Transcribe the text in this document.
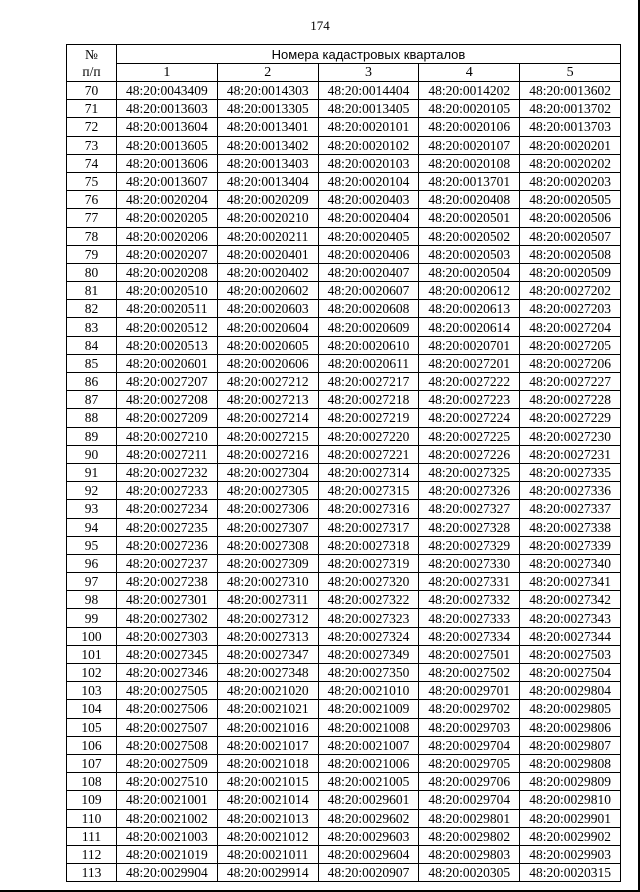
174
№
п/п	Номера кадастровых кварталов				
	1	2	3	4	5
70	48:20:0043409	48:20:0014303	48:20:0014404	48:20:0014202	48:20:0013602
71	48:20:0013603	48:20:0013305	48:20:0013405	48:20:0020105	48:20:0013702
72	48:20:0013604	48:20:0013401	48:20:0020101	48:20:0020106	48:20:0013703
73	48:20:0013605	48:20:0013402	48:20:0020102	48:20:0020107	48:20:0020201
74	48:20:0013606	48:20:0013403	48:20:0020103	48:20:0020108	48:20:0020202
75	48:20:0013607	48:20:0013404	48:20:0020104	48:20:0013701	48:20:0020203
76	48:20:0020204	48:20:0020209	48:20:0020403	48:20:0020408	48:20:0020505
77	48:20:0020205	48:20:0020210	48:20:0020404	48:20:0020501	48:20:0020506
78	48:20:0020206	48:20:0020211	48:20:0020405	48:20:0020502	48:20:0020507
79	48:20:0020207	48:20:0020401	48:20:0020406	48:20:0020503	48:20:0020508
80	48:20:0020208	48:20:0020402	48:20:0020407	48:20:0020504	48:20:0020509
81	48:20:0020510	48:20:0020602	48:20:0020607	48:20:0020612	48:20:0027202
82	48:20:0020511	48:20:0020603	48:20:0020608	48:20:0020613	48:20:0027203
83	48:20:0020512	48:20:0020604	48:20:0020609	48:20:0020614	48:20:0027204
84	48:20:0020513	48:20:0020605	48:20:0020610	48:20:0020701	48:20:0027205
85	48:20:0020601	48:20:0020606	48:20:0020611	48:20:0027201	48:20:0027206
86	48:20:0027207	48:20:0027212	48:20:0027217	48:20:0027222	48:20:0027227
87	48:20:0027208	48:20:0027213	48:20:0027218	48:20:0027223	48:20:0027228
88	48:20:0027209	48:20:0027214	48:20:0027219	48:20:0027224	48:20:0027229
89	48:20:0027210	48:20:0027215	48:20:0027220	48:20:0027225	48:20:0027230
90	48:20:0027211	48:20:0027216	48:20:0027221	48:20:0027226	48:20:0027231
91	48:20:0027232	48:20:0027304	48:20:0027314	48:20:0027325	48:20:0027335
92	48:20:0027233	48:20:0027305	48:20:0027315	48:20:0027326	48:20:0027336
93	48:20:0027234	48:20:0027306	48:20:0027316	48:20:0027327	48:20:0027337
94	48:20:0027235	48:20:0027307	48:20:0027317	48:20:0027328	48:20:0027338
95	48:20:0027236	48:20:0027308	48:20:0027318	48:20:0027329	48:20:0027339
96	48:20:0027237	48:20:0027309	48:20:0027319	48:20:0027330	48:20:0027340
97	48:20:0027238	48:20:0027310	48:20:0027320	48:20:0027331	48:20:0027341
98	48:20:0027301	48:20:0027311	48:20:0027322	48:20:0027332	48:20:0027342
99	48:20:0027302	48:20:0027312	48:20:0027323	48:20:0027333	48:20:0027343
100	48:20:0027303	48:20:0027313	48:20:0027324	48:20:0027334	48:20:0027344
101	48:20:0027345	48:20:0027347	48:20:0027349	48:20:0027501	48:20:0027503
102	48:20:0027346	48:20:0027348	48:20:0027350	48:20:0027502	48:20:0027504
103	48:20:0027505	48:20:0021020	48:20:0021010	48:20:0029701	48:20:0029804
104	48:20:0027506	48:20:0021021	48:20:0021009	48:20:0029702	48:20:0029805
105	48:20:0027507	48:20:0021016	48:20:0021008	48:20:0029703	48:20:0029806
106	48:20:0027508	48:20:0021017	48:20:0021007	48:20:0029704	48:20:0029807
107	48:20:0027509	48:20:0021018	48:20:0021006	48:20:0029705	48:20:0029808
108	48:20:0027510	48:20:0021015	48:20:0021005	48:20:0029706	48:20:0029809
109	48:20:0021001	48:20:0021014	48:20:0029601	48:20:0029704	48:20:0029810
110	48:20:0021002	48:20:0021013	48:20:0029602	48:20:0029801	48:20:0029901
111	48:20:0021003	48:20:0021012	48:20:0029603	48:20:0029802	48:20:0029902
112	48:20:0021019	48:20:0021011	48:20:0029604	48:20:0029803	48:20:0029903
113	48:20:0029904	48:20:0029914	48:20:0020907	48:20:0020305	48:20:0020315
